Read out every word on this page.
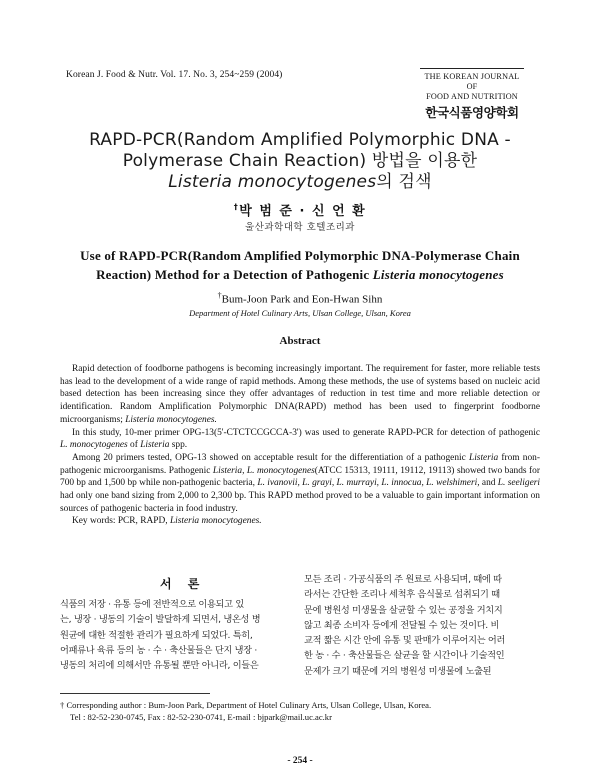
Korean J. Food & Nutr. Vol. 17. No. 3, 254~259 (2004)	THE KOREAN JOURNAL OF
FOOD AND NUTRITION
한국식품영양학회
RAPD-PCR(Random Amplified Polymorphic DNA -
Polymerase Chain Reaction) 방법을 이용한
Listeria monocytogenes의 검색
†박 범 준 · 신 언 환
울산과학대학 호텔조리과
Use of RAPD-PCR(Random Amplified Polymorphic DNA-Polymerase Chain
Reaction) Method for a Detection of Pathogenic Listeria monocytogenes
†Bum-Joon Park and Eon-Hwan Sihn
Department of Hotel Culinary Arts, Ulsan College, Ulsan, Korea
Abstract

Rapid detection of foodborne pathogens is becoming increasingly important. The requirement for faster, more reliable tests has lead to the development of a wide range of rapid methods. Among these methods, the use of systems based on nucleic acid based detection has been increasing since they offer advantages of reduction in test time and more reliable detection or identification. Random Amplification Polymorphic DNA(RAPD) method has been used to fingerprint foodborne microorganisms; Listeria monocytogenes.

In this study, 10-mer primer OPG-13(5'-CTCTCCGCCA-3') was used to generate RAPD-PCR for detection of pathogenic L. monocytogenes of Listeria spp.

Among 20 primers tested, OPG-13 showed on acceptable result for the differentiation of a pathogenic Listeria from non-pathogenic microorganisms. Pathogenic Listeria, L. monocytogenes(ATCC 15313, 19111, 19112, 19113) showed two bands for 700 bp and 1,500 bp while non-pathogenic bacteria, L. ivanovii, L. grayi, L. murrayi, L. innocua, L. welshimeri, and L. seeligeri had only one band sizing from 2,000 to 2,300 bp. This RAPD method proved to be a valuable to gain important information on sources of pathogenic bacteria in food industry.

Key words: PCR, RAPD, Listeria monocytogenes.

서 론
식품의 저장 · 유통 등에 전반적으로 이용되고 있
는, 냉장 · 냉동의 기술이 발달하게 되면서, 냉온성 병
원균에 대한 적절한 관리가 필요하게 되었다. 특히,
어패류나 육류 등의 농 · 수 · 축산물들은 단지 냉장 ·
냉동의 처리에 의해서만 유통될 뿐만 아니라, 이들은
모든 조리 · 가공식품의 주 원료로 사용되며, 때에 따
라서는 간단한 조리나 세척후 음식물로 섭취되기 때
문에 병원성 미생물을 살균할 수 있는 공정을 거치지
않고 최종 소비자 등에게 전달될 수 있는 것이다. 비
교적 짧은 시간 안에 유통 및 판매가 이루어지는 어러
한 농 · 수 · 축산물들은 살균을 할 시간이나 기술적인
문제가 크기 때문에 거의 병원성 미생물에 노출된
† Corresponding author : Bum-Joon Park, Department of Hotel Culinary Arts, Ulsan College, Ulsan, Korea.
Tel : 82-52-230-0745, Fax : 82-52-230-0741, E-mail : bjpark@mail.uc.ac.kr
- 254 -
